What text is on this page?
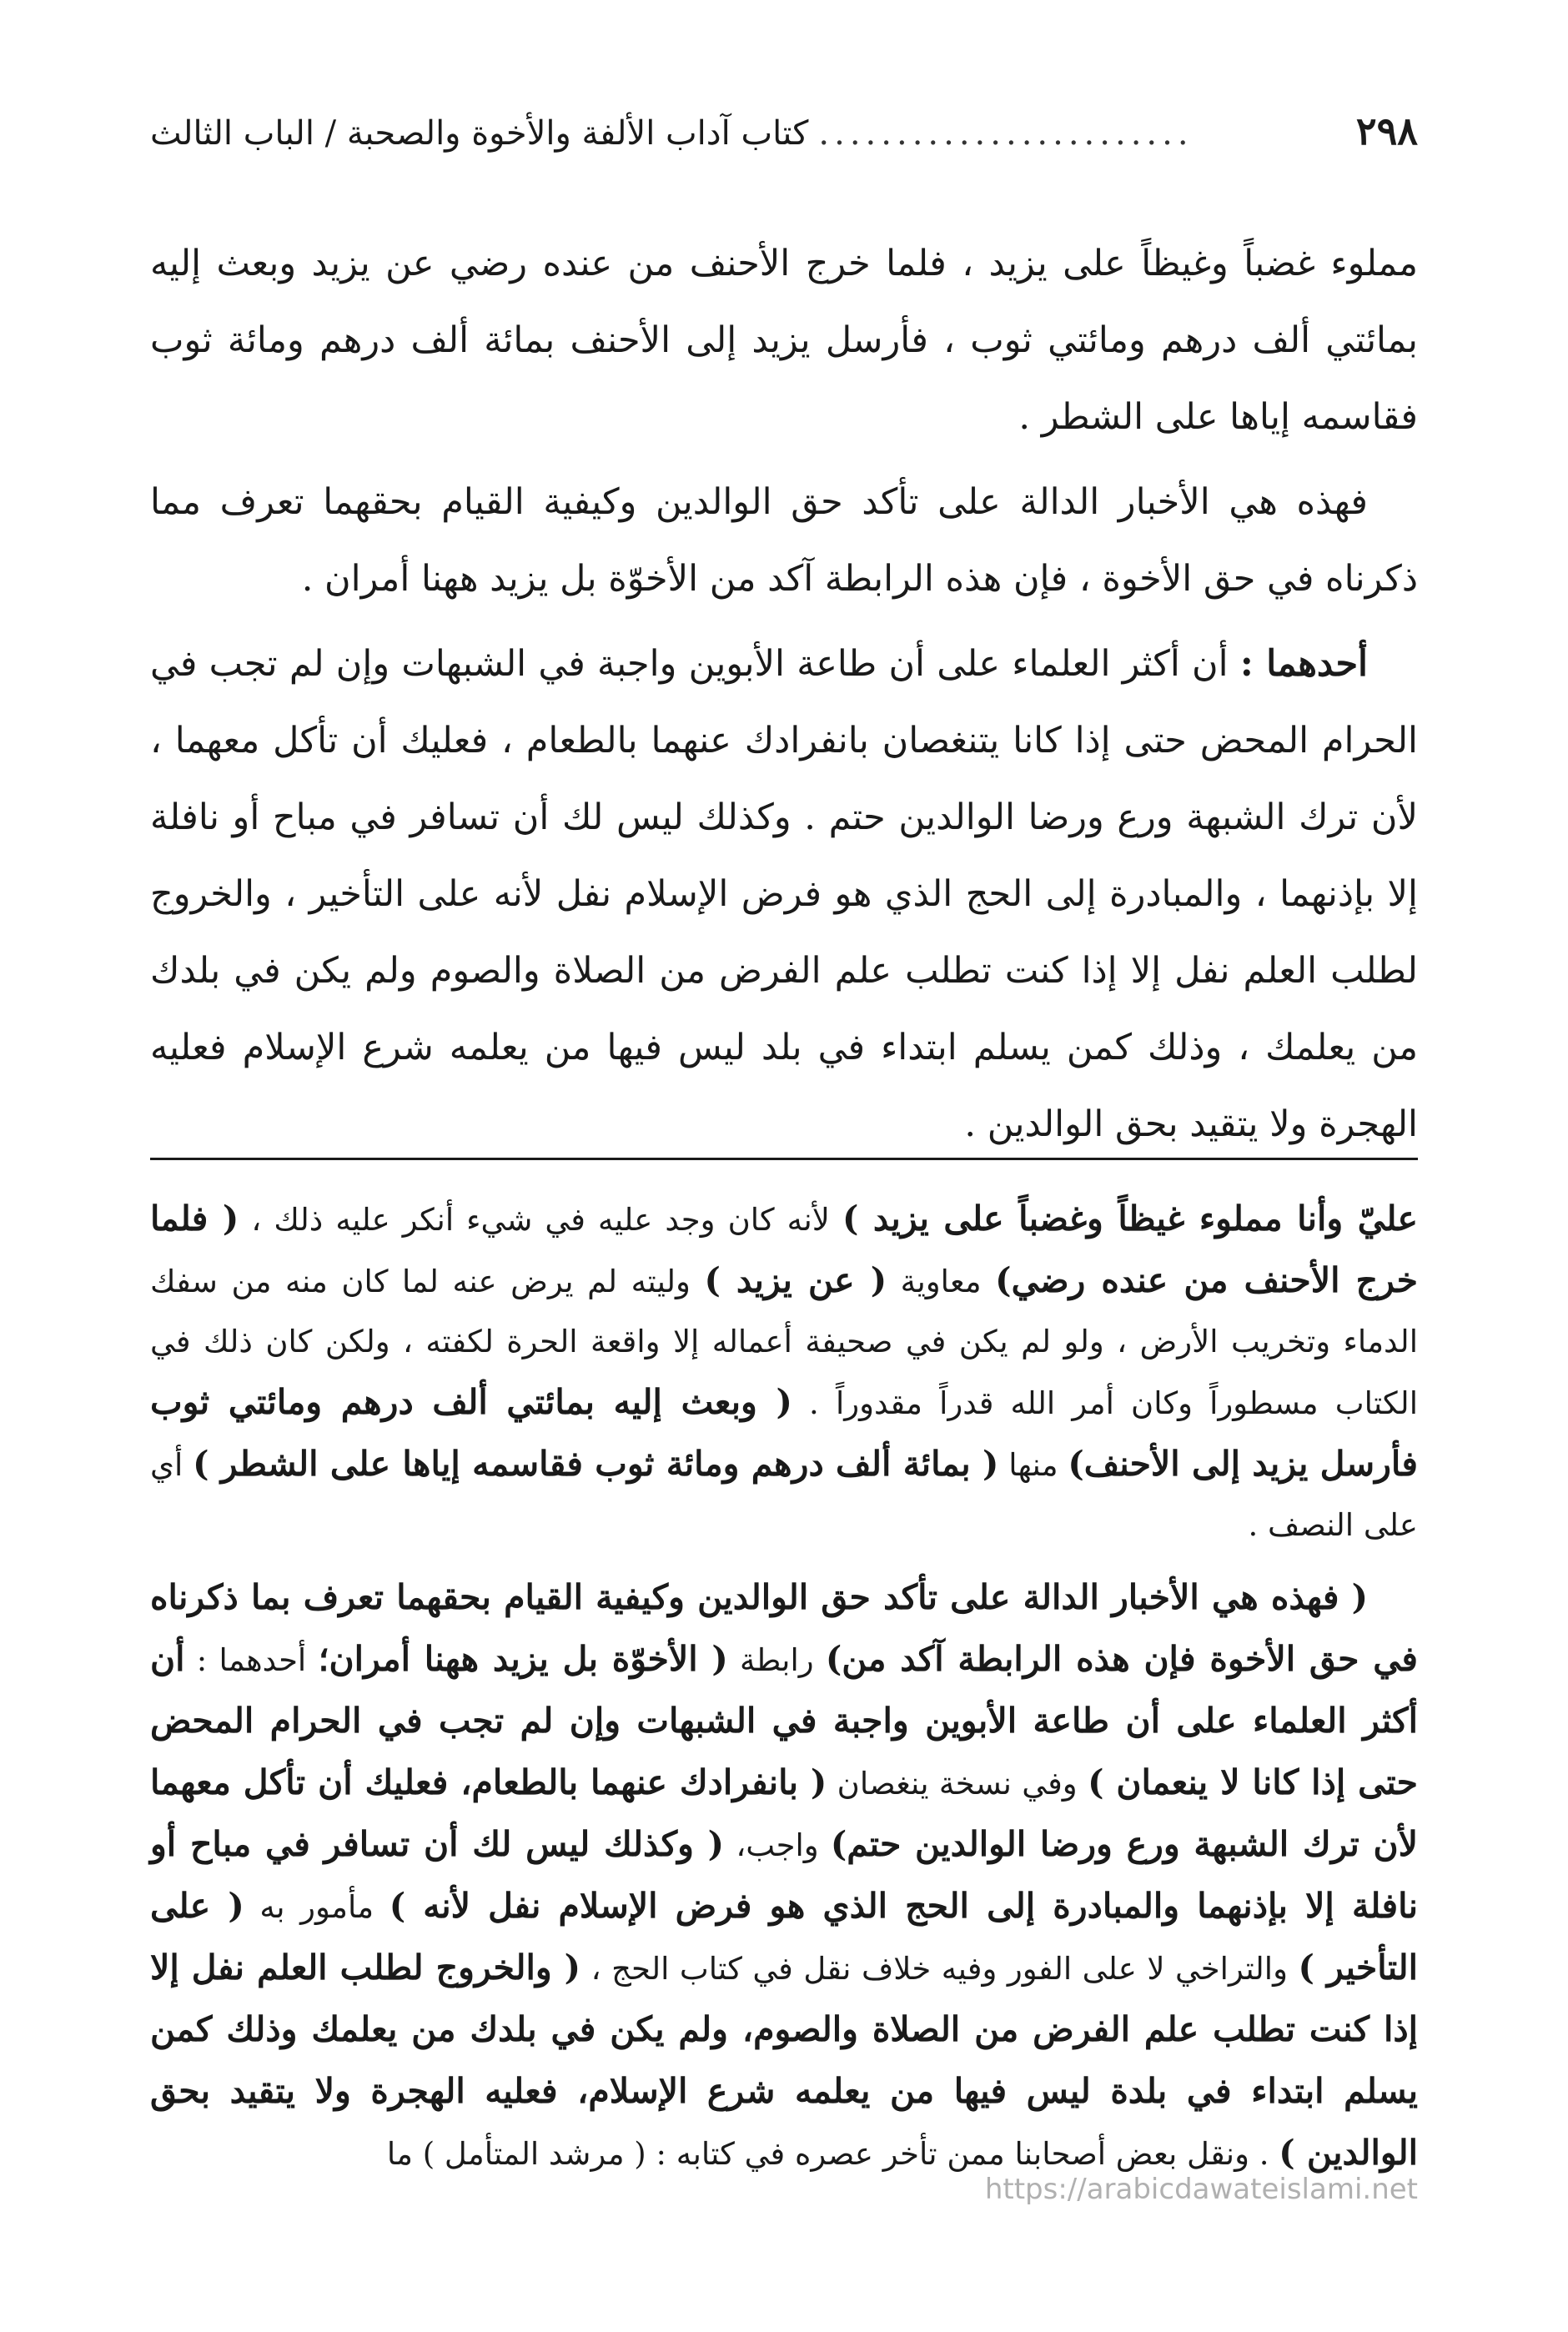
٢٩٨
........................
كتاب آداب الألفة والأخوة والصحبة / الباب الثالث

مملوء غضباً وغيظاً على يزيد ، فلما خرج الأحنف من عنده رضي عن يزيد وبعث إليه بمائتي ألف درهم ومائتي ثوب ، فأرسل يزيد إلى الأحنف بمائة ألف درهم ومائة ثوب فقاسمه إياها على الشطر .

فهذه هي الأخبار الدالة على تأكد حق الوالدين وكيفية القيام بحقهما تعرف مما ذكرناه في حق الأخوة ، فإن هذه الرابطة آكد من الأخوّة بل يزيد ههنا أمران .

أحدهما : أن أكثر العلماء على أن طاعة الأبوين واجبة في الشبهات وإن لم تجب في الحرام المحض حتى إذا كانا يتنغصان بانفرادك عنهما بالطعام ، فعليك أن تأكل معهما ، لأن ترك الشبهة ورع ورضا الوالدين حتم . وكذلك ليس لك أن تسافر في مباح أو نافلة إلا بإذنهما ، والمبادرة إلى الحج الذي هو فرض الإسلام نفل لأنه على التأخير ، والخروج لطلب العلم نفل إلا إذا كنت تطلب علم الفرض من الصلاة والصوم ولم يكن في بلدك من يعلمك ، وذلك كمن يسلم ابتداء في بلد ليس فيها من يعلمه شرع الإسلام فعليه الهجرة ولا يتقيد بحق الوالدين .

عليّ وأنا مملوء غيظاً وغضباً على يزيد ) لأنه كان وجد عليه في شيء أنكر عليه ذلك ، ( فلما خرج الأحنف من عنده رضي) معاوية ( عن يزيد ) وليته لم يرض عنه لما كان منه من سفك الدماء وتخريب الأرض ، ولو لم يكن في صحيفة أعماله إلا واقعة الحرة لكفته ، ولكن كان ذلك في الكتاب مسطوراً وكان أمر الله قدراً مقدوراً . ( وبعث إليه بمائتي ألف درهم ومائتي ثوب فأرسل يزيد إلى الأحنف) منها ( بمائة ألف درهم ومائة ثوب فقاسمه إياها على الشطر ) أي على النصف .

( فهذه هي الأخبار الدالة على تأكد حق الوالدين وكيفية القيام بحقهما تعرف بما ذكرناه في حق الأخوة فإن هذه الرابطة آكد من) رابطة ( الأخوّة بل يزيد ههنا أمران؛ أحدهما : أن أكثر العلماء على أن طاعة الأبوين واجبة في الشبهات وإن لم تجب في الحرام المحض حتى إذا كانا لا ينعمان ) وفي نسخة ينغصان ( بانفرادك عنهما بالطعام، فعليك أن تأكل معهما لأن ترك الشبهة ورع ورضا الوالدين حتم) واجب، ( وكذلك ليس لك أن تسافر في مباح أو نافلة إلا بإذنهما والمبادرة إلى الحج الذي هو فرض الإسلام نفل لأنه ) مأمور به ( على التأخير ) والتراخي لا على الفور وفيه خلاف نقل في كتاب الحج ، ( والخروج لطلب العلم نفل إلا إذا كنت تطلب علم الفرض من الصلاة والصوم، ولم يكن في بلدك من يعلمك وذلك كمن يسلم ابتداء في بلدة ليس فيها من يعلمه شرع الإسلام، فعليه الهجرة ولا يتقيد بحق الوالدين ) . ونقل بعض أصحابنا ممن تأخر عصره في كتابه : ( مرشد المتأمل ) ما

https://arabicdawateislami.net
